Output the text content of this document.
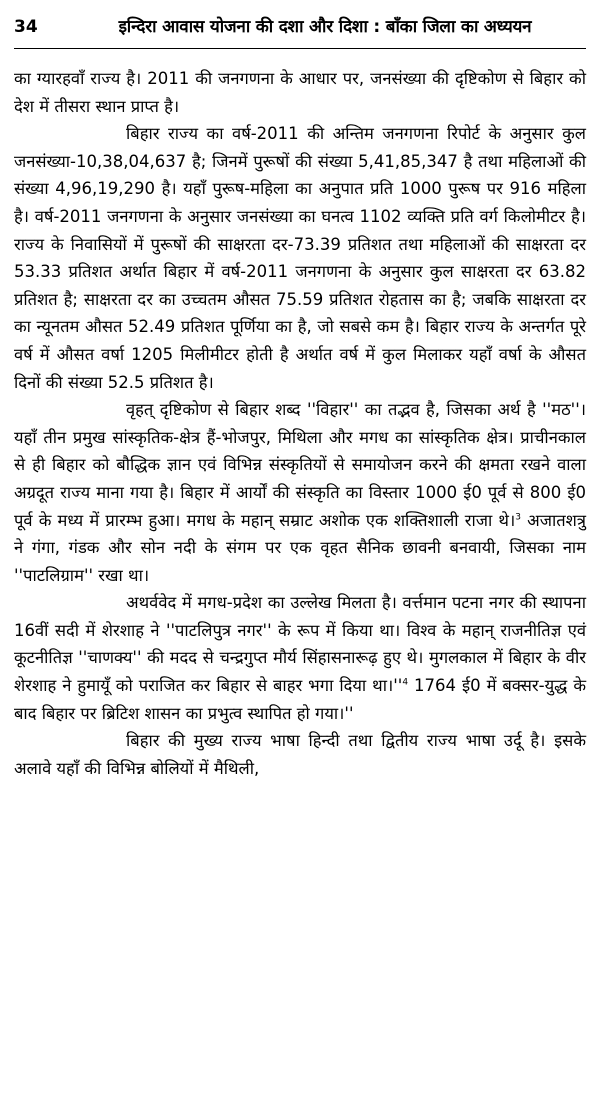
34	इन्दिरा आवास योजना की दशा और दिशा : बाँका जिला का अध्ययन

का ग्यारहवाँ राज्य है। 2011 की जनगणना के आधार पर, जनसंख्या की दृष्टिकोण से बिहार को देश में तीसरा स्थान प्राप्त है।

बिहार राज्य का वर्ष-2011 की अन्तिम जनगणना रिपोर्ट के अनुसार कुल जनसंख्या-10,38,04,637 है; जिनमें पुरूषों की संख्या 5,41,85,347 है तथा महिलाओं की संख्या 4,96,19,290 है। यहाँ पुरूष-महिला का अनुपात प्रति 1000 पुरूष पर 916 महिला है। वर्ष-2011 जनगणना के अनुसार जनसंख्या का घनत्व 1102 व्यक्ति प्रति वर्ग किलोमीटर है। राज्य के निवासियों में पुरूषों की साक्षरता दर-73.39 प्रतिशत तथा महिलाओं की साक्षरता दर 53.33 प्रतिशत अर्थात बिहार में वर्ष-2011 जनगणना के अनुसार कुल साक्षरता दर 63.82 प्रतिशत है; साक्षरता दर का उच्चतम औसत 75.59 प्रतिशत रोहतास का है; जबकि साक्षरता दर का न्यूनतम औसत 52.49 प्रतिशत पूर्णिया का है, जो सबसे कम है। बिहार राज्य के अन्तर्गत पूरे वर्ष में औसत वर्षा 1205 मिलीमीटर होती है अर्थात वर्ष में कुल मिलाकर यहाँ वर्षा के औसत दिनों की संख्या 52.5 प्रतिशत है।

वृहत् दृष्टिकोण से बिहार शब्द ''विहार'' का तद्भव है, जिसका अर्थ है ''मठ''। यहाँ तीन प्रमुख सांस्कृतिक-क्षेत्र हैं-भोजपुर, मिथिला और मगध का सांस्कृतिक क्षेत्र। प्राचीनकाल से ही बिहार को बौद्धिक ज्ञान एवं विभिन्न संस्कृतियों से समायोजन करने की क्षमता रखने वाला अग्रदूत राज्य माना गया है। बिहार में आर्यों की संस्कृति का विस्तार 1000 ई0 पूर्व से 800 ई0 पूर्व के मध्य में प्रारम्भ हुआ। मगध के महान् सम्राट अशोक एक शक्तिशाली राजा थे।$^3$ अजातशत्रु ने गंगा, गंडक और सोन नदी के संगम पर एक वृहत सैनिक छावनी बनवायी, जिसका नाम ''पाटलिग्राम'' रखा था।

अथर्ववेद में मगध-प्रदेश का उल्लेख मिलता है। वर्त्तमान पटना नगर की स्थापना 16वीं सदी में शेरशाह ने ''पाटलिपुत्र नगर'' के रूप में किया था। विश्व के महान् राजनीतिज्ञ एवं कूटनीतिज्ञ ''चाणक्य'' की मदद से चन्द्रगुप्त मौर्य सिंहासनारूढ़ हुए थे। मुगलकाल में बिहार के वीर शेरशाह ने हुमायूँ को पराजित कर बिहार से बाहर भगा दिया $था।''^4$ 1764 ई0 में बक्सर-युद्ध के बाद बिहार पर ब्रिटिश शासन का प्रभुत्व स्थापित हो गया।''

बिहार की मुख्य राज्य भाषा हिन्दी तथा द्वितीय राज्य भाषा उर्दू है। इसके अलावे यहाँ की विभिन्न बोलियों में मैथिली,
